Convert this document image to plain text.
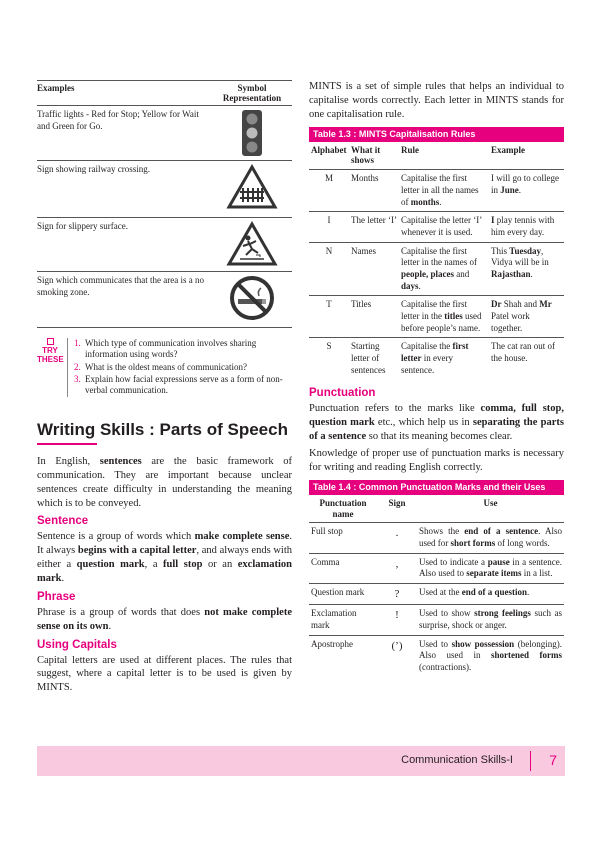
Examples	Symbol Representation
Traffic lights - Red for Stop; Yellow for Wait and Green for Go.	

Sign showing railway crossing.	

Sign for slippery surface.	

Sign which communicates that the area is a no smoking zone.	
TRY
THESE
1. Which type of communication involves sharing information using words?
2. What is the oldest means of communication?
3. Explain how facial expressions serve as a form of non-verbal communication.
Writing Skills : Parts of Speech

In English, sentences are the basic framework of communication. They are important because unclear sentences create difficulty in understanding the meaning which is to be conveyed.

Sentence

Sentence is a group of words which make complete sense. It always begins with a capital letter, and always ends with either a question mark, a full stop or an exclamation mark.

Phrase

Phrase is a group of words that does not make complete sense on its own.

Using Capitals

Capital letters are used at different places. The rules that suggest, where a capital letter is to be used is given by MINTS.

MINTS is a set of simple rules that helps an individual to capitalise words correctly. Each letter in MINTS stands for one capitalisation rule.

Table 1.3 : MINTS Capitalisation Rules
Alphabet	What it shows	Rule	Example
M	Months	Capitalise the first letter in all the names of months.	I will go to college in June.
I	The letter ‘I’	Capitalise the letter ‘I’ whenever it is used.	I play tennis with him every day.
N	Names	Capitalise the first letter in the names of people, places and days.	This Tuesday, Vidya will be in Rajasthan.
T	Titles	Capitalise the first letter in the titles used before people’s name.	Dr Shah and Mr Patel work together.
S	Starting letter of sentences	Capitalise the first letter in every sentence.	The cat ran out of the house.
Punctuation

Punctuation refers to the marks like comma, full stop, question mark etc., which help us in separating the parts of a sentence so that its meaning becomes clear.

Knowledge of proper use of punctuation marks is necessary for writing and reading English correctly.

Table 1.4 : Common Punctuation Marks and their Uses
Punctuation name	Sign	Use
Full stop	.	Shows the end of a sentence. Also used for short forms of long words.
Comma	,	Used to indicate a pause in a sentence. Also used to separate items in a list.
Question mark	?	Used at the end of a question.
Exclamation mark	!	Used to show strong feelings such as surprise, shock or anger.
Apostrophe	(’)	Used to show possession (belonging). Also used in shortened forms (contractions).
Communication Skills-I	7
